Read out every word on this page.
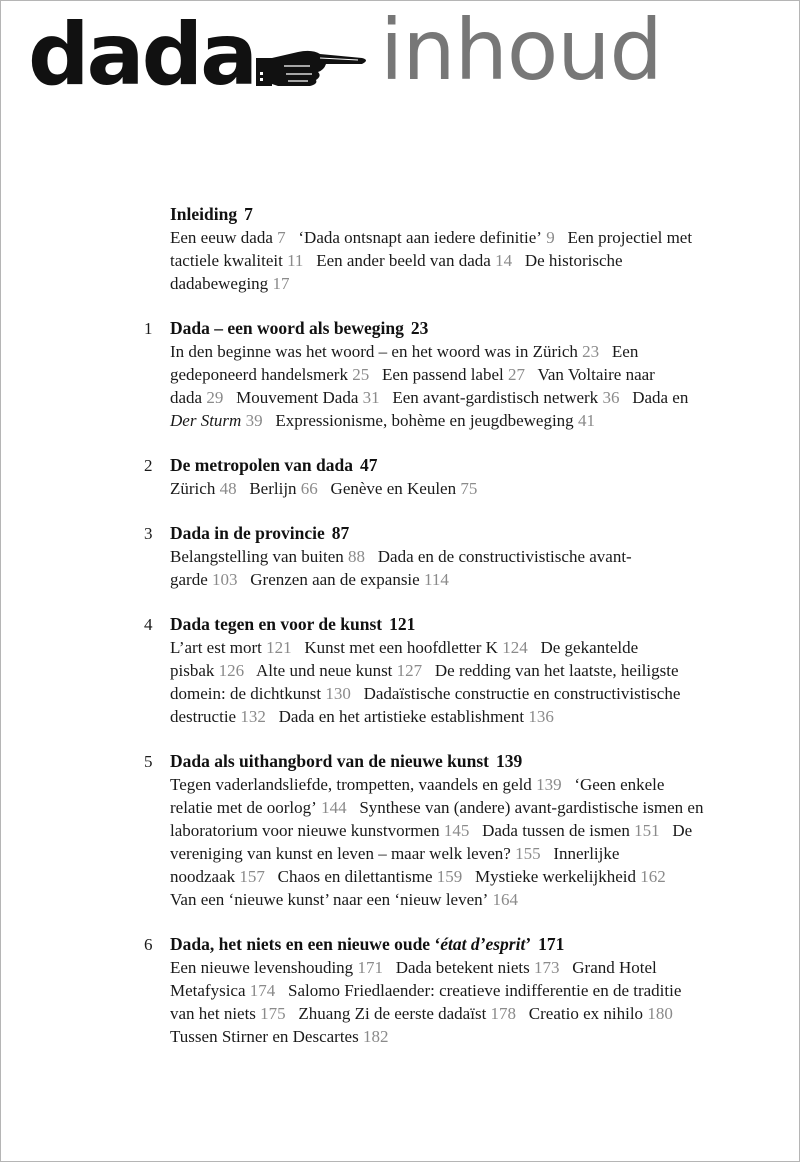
dada inhoud
Inleiding 7
Een eeuw dada 7  ‘Dada ontsnapt aan iedere definitie’ 9  Een projectiel met tactiele kwaliteit 11  Een ander beeld van dada 14  De historische dadabeweging 17
1 Dada – een woord als beweging 23
In den beginne was het woord – en het woord was in Zürich 23  Een gedeponeerd handelsmerk 25  Een passend label 27  Van Voltaire naar dada 29  Mouvement Dada 31  Een avant-gardistisch netwerk 36  Dada en Der Sturm 39  Expressionisme, bohème en jeugdbeweging 41
2 De metropolen van dada 47
Zürich 48  Berlijn 66  Genève en Keulen 75
3 Dada in de provincie 87
Belangstelling van buiten 88  Dada en de constructivistische avant-garde 103  Grenzen aan de expansie 114
4 Dada tegen en voor de kunst 121
L’art est mort 121  Kunst met een hoofdletter K 124  De gekantelde pisbak 126  Alte und neue kunst 127  De redding van het laatste, heiligste domein: de dichtkunst 130  Dadaïstische constructie en constructivistische destructie 132  Dada en het artistieke establishment 136
5 Dada als uithangbord van de nieuwe kunst 139
Tegen vaderlandsliefde, trompetten, vaandels en geld 139  ‘Geen enkele relatie met de oorlog’ 144  Synthese van (andere) avant-gardistische ismen en laboratorium voor nieuwe kunstvormen 145  Dada tussen de ismen 151  De vereniging van kunst en leven – maar welk leven? 155  Innerlijke noodzaak 157  Chaos en dilettantisme 159  Mystieke werkelijkheid 162  Van een ‘nieuwe kunst’ naar een ‘nieuw leven’ 164
6 Dada, het niets en een nieuwe oude ‘état d’esprit’ 171
Een nieuwe levenshouding 171  Dada betekent niets 173  Grand Hotel Metafysica 174  Salomo Friedlaender: creatieve indifferentie en de traditie van het niets 175  Zhuang Zi de eerste dadaïst 178  Creatio ex nihilo 180  Tussen Stirner en Descartes 182
